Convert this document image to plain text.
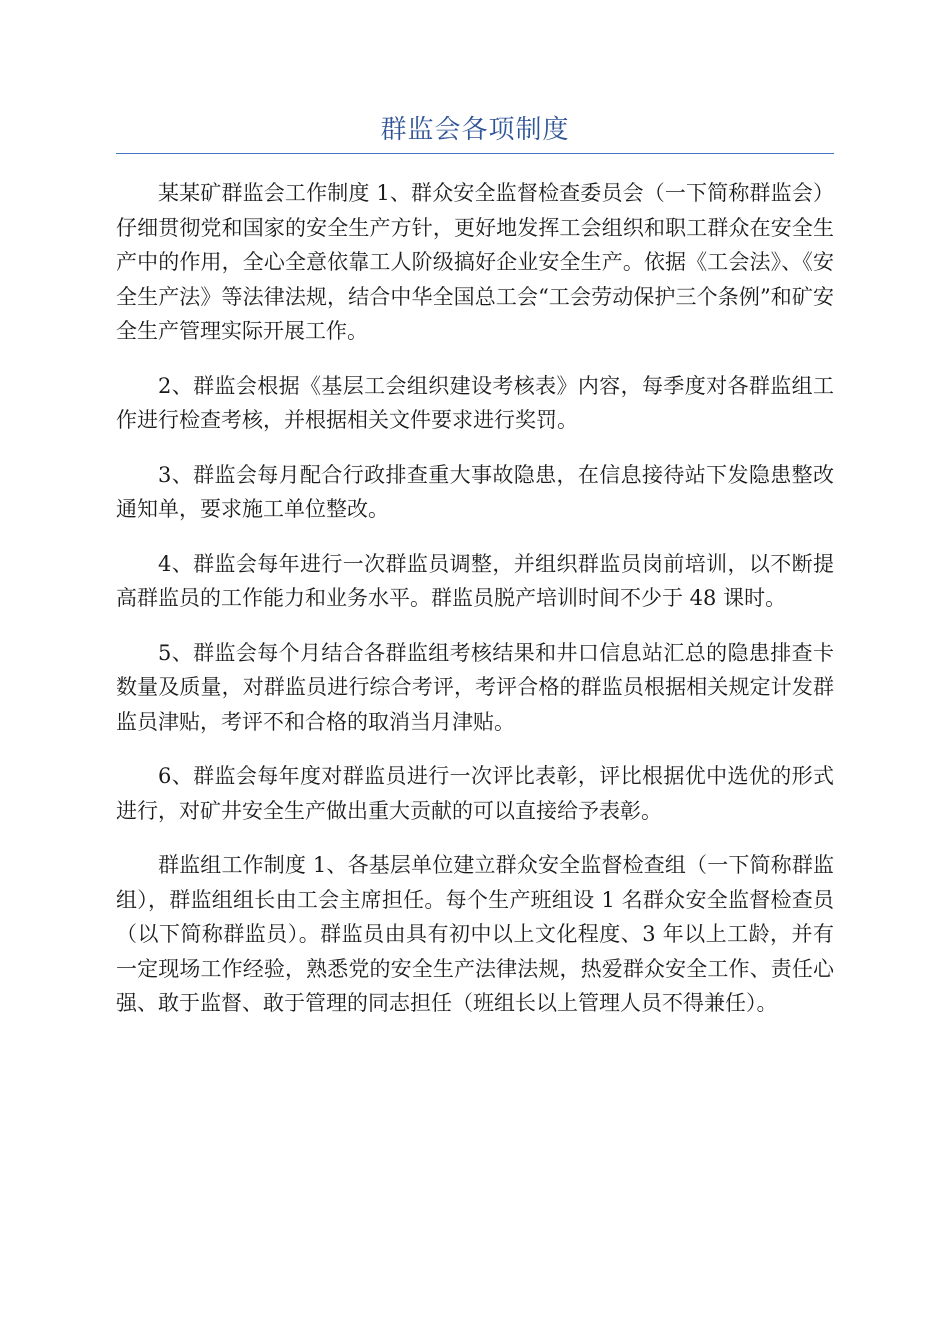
群监会各项制度

某某矿群监会工作制度 1、群众安全监督检查委员会（一下简称群监会）仔细贯彻党和国家的安全生产方针，更好地发挥工会组织和职工群众在安全生产中的作用，全心全意依靠工人阶级搞好企业安全生产。依据《工会法》、《安全生产法》等法律法规，结合中华全国总工会“工会劳动保护三个条例”和矿安全生产管理实际开展工作。

2、群监会根据《基层工会组织建设考核表》内容，每季度对各群监组工作进行检查考核，并根据相关文件要求进行奖罚。

3、群监会每月配合行政排查重大事故隐患，在信息接待站下发隐患整改通知单，要求施工单位整改。

4、群监会每年进行一次群监员调整，并组织群监员岗前培训，以不断提高群监员的工作能力和业务水平。群监员脱产培训时间不少于 48 课时。

5、群监会每个月结合各群监组考核结果和井口信息站汇总的隐患排查卡数量及质量，对群监员进行综合考评，考评合格的群监员根据相关规定计发群监员津贴，考评不和合格的取消当月津贴。

6、群监会每年度对群监员进行一次评比表彰，评比根据优中选优的形式进行，对矿井安全生产做出重大贡献的可以直接给予表彰。

群监组工作制度 1、各基层单位建立群众安全监督检查组（一下简称群监组），群监组组长由工会主席担任。每个生产班组设 1 名群众安全监督检查员（以下简称群监员）。群监员由具有初中以上文化程度、3 年以上工龄，并有一定现场工作经验，熟悉党的安全生产法律法规，热爱群众安全工作、责任心强、敢于监督、敢于管理的同志担任（班组长以上管理人员不得兼任）。
